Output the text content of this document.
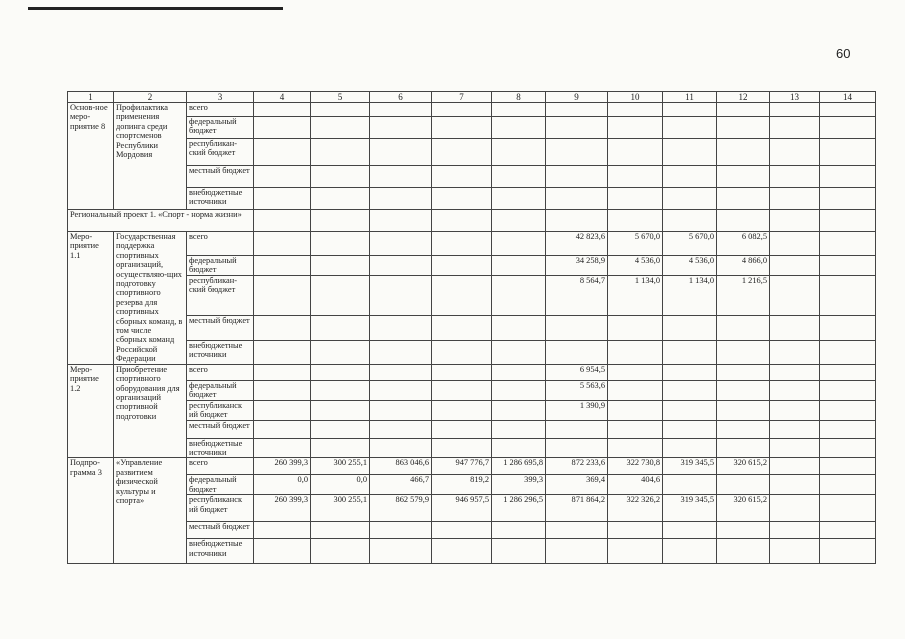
60
1	2	3	4	5	6	7	8	9	10	11	12	13	14
Основ-ное меро-приятие 8	Профилактика применения допинга среди спортсменов Республики Мордовия	всего											
		федеральный бюджет											
		республикан-ский бюджет											
		местный бюджет											
		внебюджетные источники											
Региональный проект 1. «Спорт - норма жизни»													
Меро-приятие 1.1	Государственная поддержка спортивных организаций, осуществляю-щих подготовку спортивного резерва для спортивных сборных команд, в том числе сборных команд Российской Федерации	всего						42 823,6	5 670,0	5 670,0	6 082,5		
		федеральный бюджет						34 258,9	4 536,0	4 536,0	4 866,0		
		республикан-ский бюджет						8 564,7	1 134,0	1 134,0	1 216,5		
		местный бюджет											
		внебюджетные источники											
Меро-приятие 1.2	Приобретение спортивного оборудования для организаций спортивной подготовки	всего						6 954,5					
		федеральный бюджет						5 563,6					
		республиканск ий бюджет						1 390,9					
		местный бюджет											
		внебюджетные источники											
Подпро-грамма 3	«Управление развитием физической культуры и спорта»	всего	260 399,3	300 255,1	863 046,6	947 776,7	1 286 695,8	872 233,6	322 730,8	319 345,5	320 615,2		
		федеральный бюджет	0,0	0,0	466,7	819,2	399,3	369,4	404,6				
		республиканск ий бюджет	260 399,3	300 255,1	862 579,9	946 957,5	1 286 296,5	871 864,2	322 326,2	319 345,5	320 615,2		
		местный бюджет											
		внебюджетные источники											
